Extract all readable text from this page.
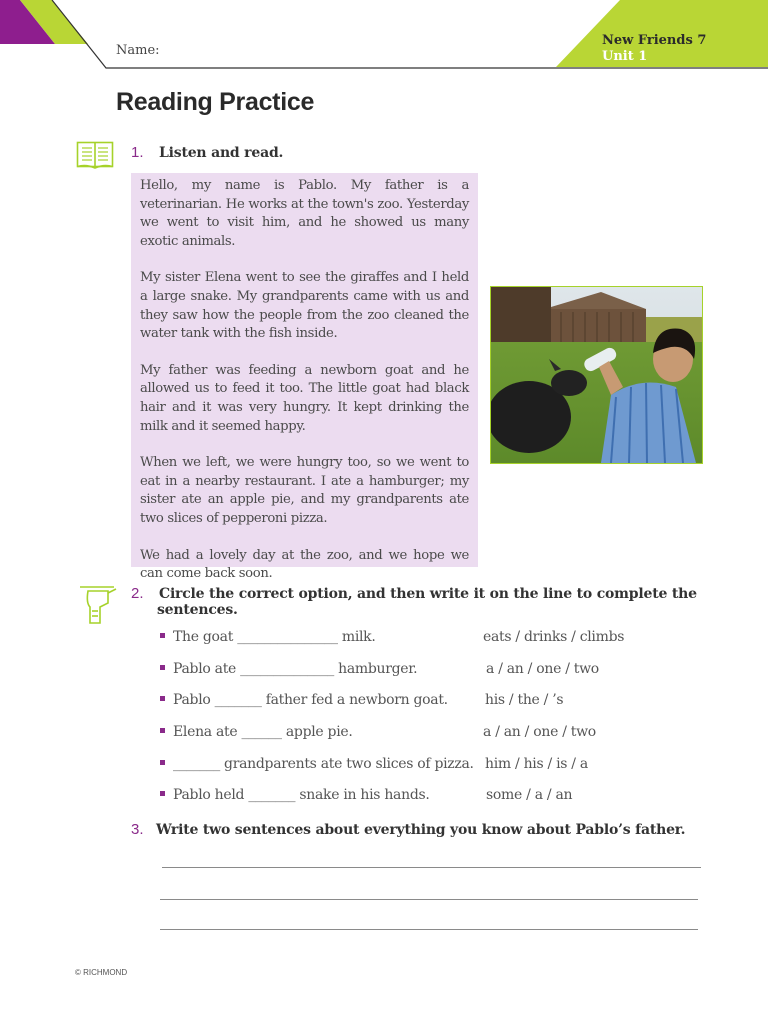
Name:
New Friends 7
Unit 1
Reading Practice
1. Listen and read.

Hello, my name is Pablo. My father is a veterinarian. He works at the town's zoo. Yesterday we went to visit him, and he showed us many exotic animals.

My sister Elena went to see the giraffes and I held a large snake. My grandparents came with us and they saw how the people from the zoo cleaned the water tank with the fish inside.

My father was feeding a newborn goat and he allowed us to feed it too. The little goat had black hair and it was very hungry. It kept drinking the milk and it seemed happy.

When we left, we were hungry too, so we went to eat in a nearby restaurant. I ate a hamburger; my sister ate an apple pie, and my grandparents ate two slices of pepperoni pizza.

We had a lovely day at the zoo, and we hope we can come back soon.

2. Circle the correct option, and then write it on the line to complete the
sentences.
The goat _______________ milk.	eats / drinks / climbs
Pablo ate ______________ hamburger.	a / an / one / two
Pablo _______ father fed a newborn goat.	his / the / ’s
Elena ate ______ apple pie.	a / an / one / two
_______ grandparents ate two slices of pizza. him / his / is / a
Pablo held _______ snake in his hands.	some / a / an
3. Write two sentences about everything you know about Pablo’s father.
© RICHMOND
